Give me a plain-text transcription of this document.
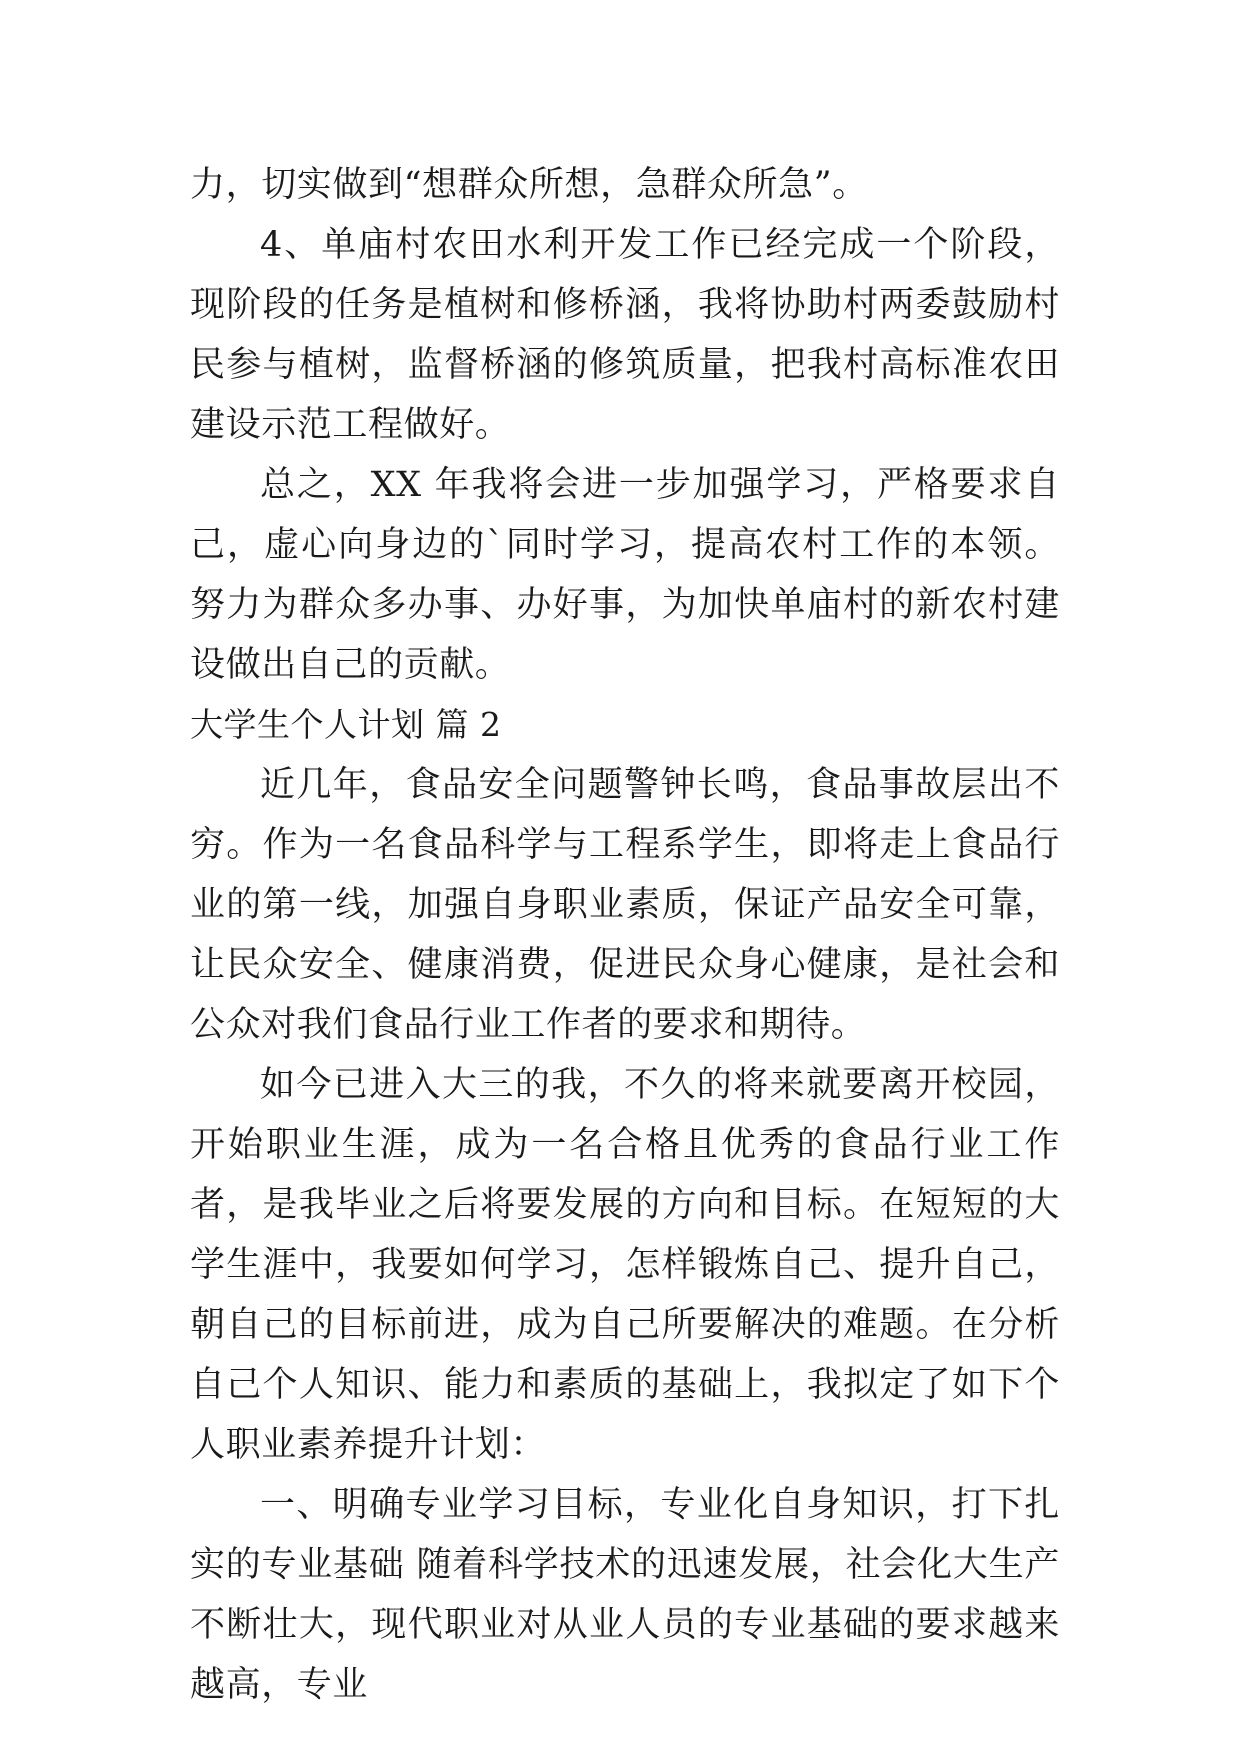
力，切实做到“想群众所想，急群众所急”。

4、单庙村农田水利开发工作已经完成一个阶段，现阶段的任务是植树和修桥涵，我将协助村两委鼓励村民参与植树，监督桥涵的修筑质量，把我村高标准农田建设示范工程做好。

总之，XX 年我将会进一步加强学习，严格要求自己，虚心向身边的`同时学习，提高农村工作的本领。努力为群众多办事、办好事，为加快单庙村的新农村建设做出自己的贡献。

大学生个人计划 篇 2

近几年，食品安全问题警钟长鸣，食品事故层出不穷。作为一名食品科学与工程系学生，即将走上食品行业的第一线，加强自身职业素质，保证产品安全可靠，让民众安全、健康消费，促进民众身心健康，是社会和公众对我们食品行业工作者的要求和期待。

如今已进入大三的我，不久的将来就要离开校园，开始职业生涯，成为一名合格且优秀的食品行业工作者，是我毕业之后将要发展的方向和目标。在短短的大学生涯中，我要如何学习，怎样锻炼自己、提升自己，朝自己的目标前进，成为自己所要解决的难题。在分析自己个人知识、能力和素质的基础上，我拟定了如下个人职业素养提升计划：

一、明确专业学习目标，专业化自身知识，打下扎实的专业基础 随着科学技术的迅速发展，社会化大生产不断壮大，现代职业对从业人员的专业基础的要求越来越高，专业
